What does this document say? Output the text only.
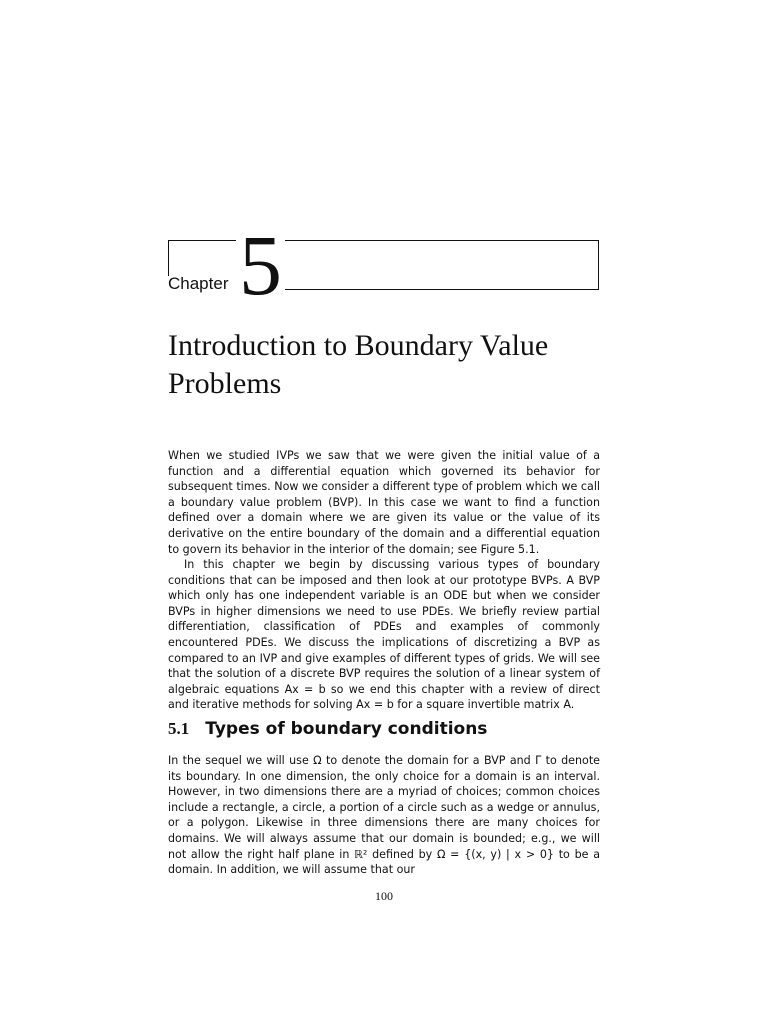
Chapter 5
Introduction to Boundary Value Problems

When we studied IVPs we saw that we were given the initial value of a function and a differential equation which governed its behavior for subsequent times. Now we consider a different type of problem which we call a boundary value problem (BVP). In this case we want to find a function defined over a domain where we are given its value or the value of its derivative on the entire boundary of the domain and a differential equation to govern its behavior in the interior of the domain; see Figure 5.1.

In this chapter we begin by discussing various types of boundary conditions that can be imposed and then look at our prototype BVPs. A BVP which only has one independent variable is an ODE but when we consider BVPs in higher dimensions we need to use PDEs. We briefly review partial differentiation, classification of PDEs and examples of commonly encountered PDEs. We discuss the implications of discretizing a BVP as compared to an IVP and give examples of different types of grids. We will see that the solution of a discrete BVP requires the solution of a linear system of algebraic equations Ax = b so we end this chapter with a review of direct and iterative methods for solving Ax = b for a square invertible matrix A.

5.1 Types of boundary conditions

In the sequel we will use Ω to denote the domain for a BVP and Γ to denote its boundary. In one dimension, the only choice for a domain is an interval. However, in two dimensions there are a myriad of choices; common choices include a rectangle, a circle, a portion of a circle such as a wedge or annulus, or a polygon. Likewise in three dimensions there are many choices for domains. We will always assume that our domain is bounded; e.g., we will not allow the right half plane in ℝ² defined by Ω = {(x, y) | x > 0} to be a domain. In addition, we will assume that our

100
